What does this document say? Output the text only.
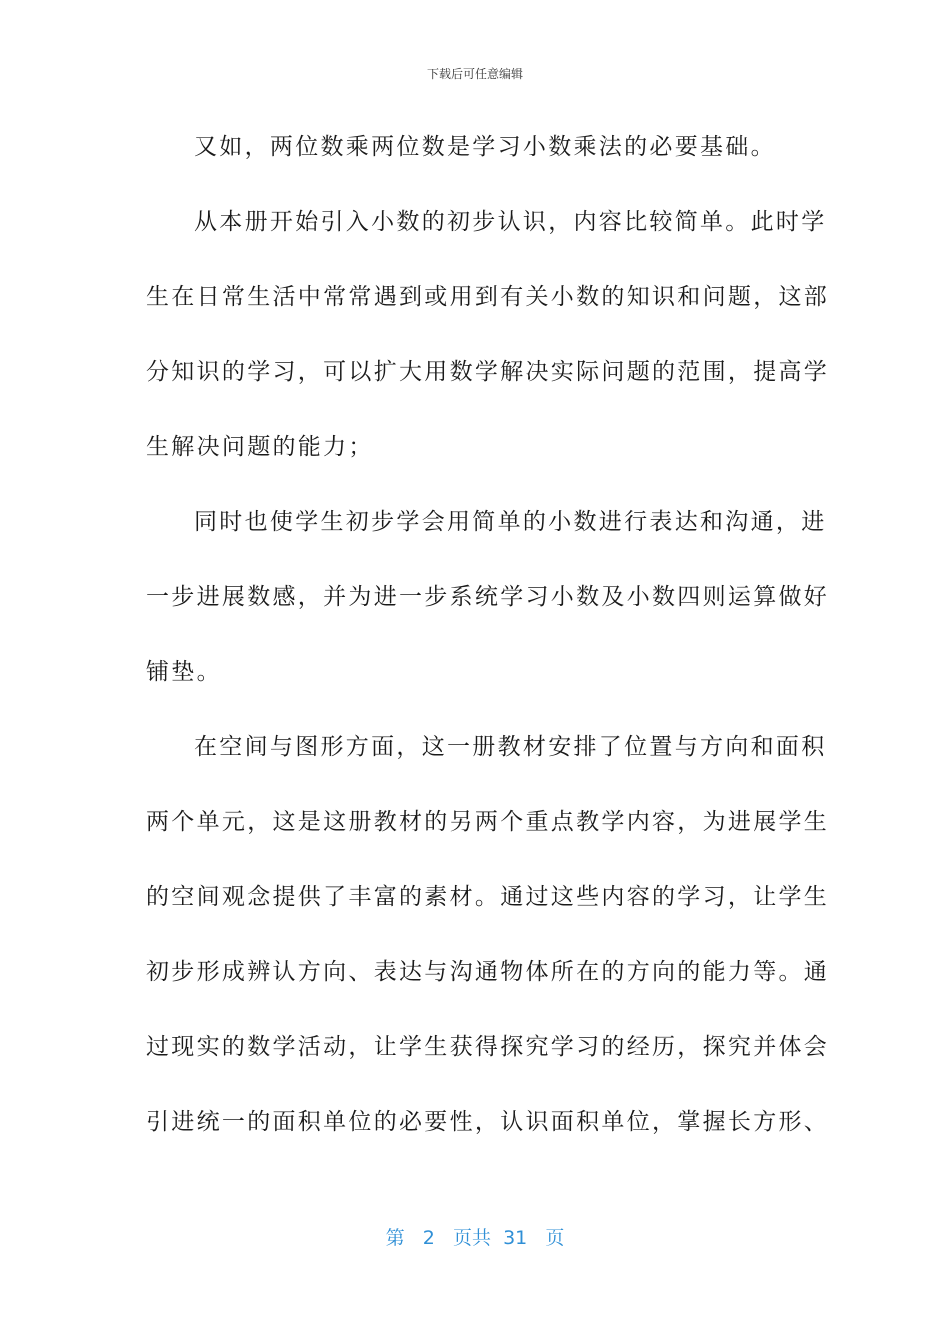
下载后可任意编辑
又如，两位数乘两位数是学习小数乘法的必要基础。
从本册开始引入小数的初步认识，内容比较简单。此时学
生在日常生活中常常遇到或用到有关小数的知识和问题，这部
分知识的学习，可以扩大用数学解决实际问题的范围，提高学
生解决问题的能力；
同时也使学生初步学会用简单的小数进行表达和沟通，进
一步进展数感，并为进一步系统学习小数及小数四则运算做好
铺垫。
在空间与图形方面，这一册教材安排了位置与方向和面积
两个单元，这是这册教材的另两个重点教学内容，为进展学生
的空间观念提供了丰富的素材。通过这些内容的学习，让学生
初步形成辨认方向、表达与沟通物体所在的方向的能力等。通
过现实的数学活动，让学生获得探究学习的经历，探究并体会
引进统一的面积单位的必要性，认识面积单位，掌握长方形、
第 2 页共 31 页
